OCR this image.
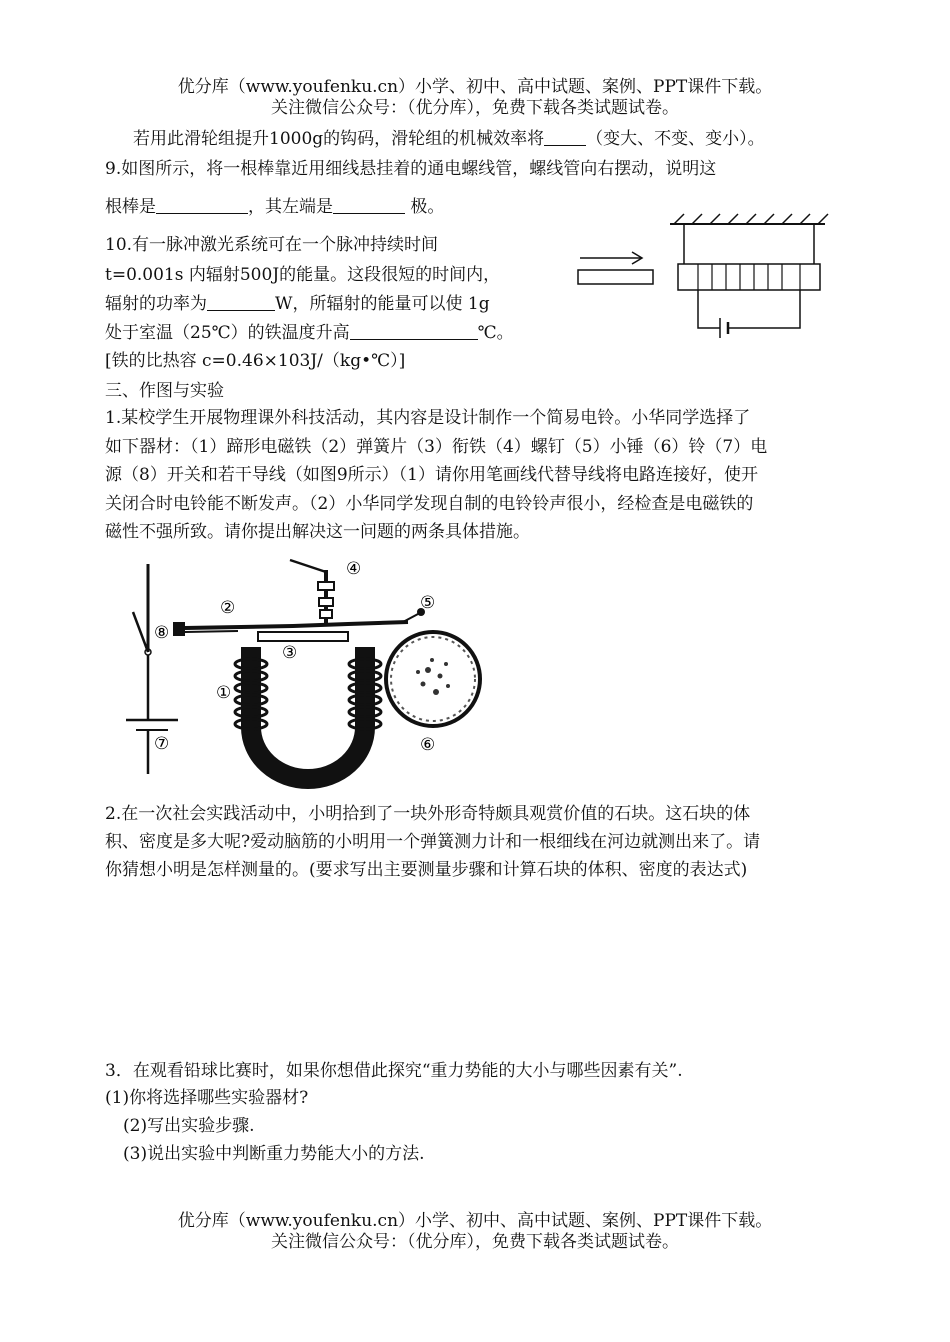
优分库（www.youfenku.cn）小学、初中、高中试题、案例、PPT课件下载。
关注微信公众号：（优分库），免费下载各类试题试卷。
若用此滑轮组提升1000g的钩码，滑轮组的机械效率将 （变大、不变、变小）。
9.如图所示，将一根棒靠近用细线悬挂着的通电螺线管，螺线管向右摆动，说明这
根棒是	，其左端是	极。
10.有一脉冲激光系统可在一个脉冲持续时间
t=0.001s 内辐射500J的能量。这段很短的时间内，
辐射的功率为	W，所辐射的能量可以使 1g
处于室温（25℃）的铁温度升高	℃。
[铁的比热容 c=0.46×103J/（kg•℃）]
三、作图与实验
1.某校学生开展物理课外科技活动，其内容是设计制作一个简易电铃。小华同学选择了
如下器材：（1）蹄形电磁铁（2）弹簧片（3）衔铁（4）螺钉（5）小锤（6）铃（7）电
源（8）开关和若干导线（如图9所示）（1）请你用笔画线代替导线将电路连接好，使开
关闭合时电铃能不断发声。（2）小华同学发现自制的电铃铃声很小，经检查是电磁铁的
磁性不强所致。请你提出解决这一问题的两条具体措施。
①
②
③
④
⑤
⑥
⑦
⑧
2.在一次社会实践活动中，小明拾到了一块外形奇特颇具观赏价值的石块。这石块的体
积、密度是多大呢?爱动脑筋的小明用一个弹簧测力计和一根细线在河边就测出来了。请
你猜想小明是怎样测量的。(要求写出主要测量步骤和计算石块的体积、密度的表达式)
3．在观看铅球比赛时，如果你想借此探究“重力势能的大小与哪些因素有关”.
(1)你将选择哪些实验器材?
(2)写出实验步骤.
(3)说出实验中判断重力势能大小的方法.
优分库（www.youfenku.cn）小学、初中、高中试题、案例、PPT课件下载。
关注微信公众号：（优分库），免费下载各类试题试卷。
